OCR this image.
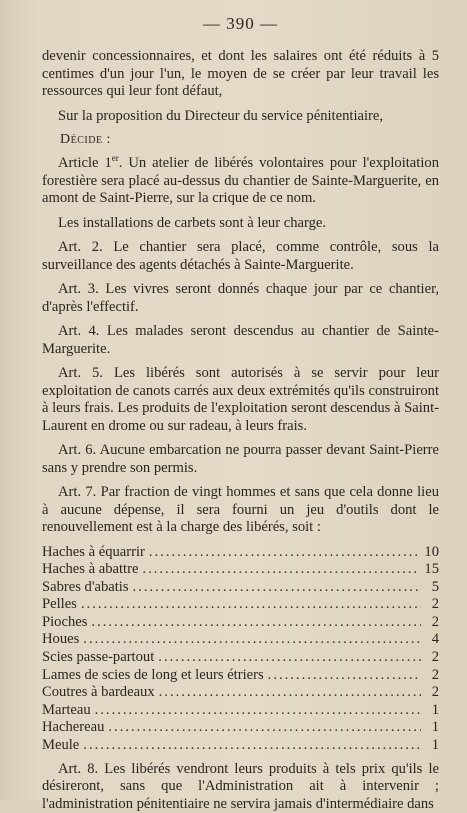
— 390 —

devenir concessionnaires, et dont les salaires ont été réduits à 5 centimes d'un jour l'un, le moyen de se créer par leur travail les ressources qui leur font défaut,

Sur la proposition du Directeur du service pénitentiaire,

Décide :

Article 1er. Un atelier de libérés volontaires pour l'exploitation forestière sera placé au-dessus du chantier de Sainte-Marguerite, en amont de Saint-Pierre, sur la crique de ce nom.

Les installations de carbets sont à leur charge.

Art. 2. Le chantier sera placé, comme contrôle, sous la surveillance des agents détachés à Sainte-Marguerite.

Art. 3. Les vivres seront donnés chaque jour par ce chantier, d'après l'effectif.

Art. 4. Les malades seront descendus au chantier de Sainte-Marguerite.

Art. 5. Les libérés sont autorisés à se servir pour leur exploitation de canots carrés aux deux extrémités qu'ils construiront à leurs frais. Les produits de l'exploitation seront descendus à Saint-Laurent en drome ou sur radeau, à leurs frais.

Art. 6. Aucune embarcation ne pourra passer devant Saint-Pierre sans y prendre son permis.

Art. 7. Par fraction de vingt hommes et sans que cela donne lieu à aucune dépense, il sera fourni un jeu d'outils dont le renouvellement est à la charge des libérés, soit :

Haches à équarrir .....	10
Haches à abattre .....	15
Sabres d'abatis .....	5
Pelles .....	2
Pioches .....	2
Houes .....	4
Scies passe-partout .....	2
Lames de scies de long et leurs étriers .....	2
Coutres à bardeaux .....	2
Marteau .....	1
Hachereau .....	1
Meule .....	1

Art. 8. Les libérés vendront leurs produits à tels prix qu'ils le désireront, sans que l'Administration ait à intervenir ; l'administration pénitentiaire ne servira jamais d'intermédiaire dans
